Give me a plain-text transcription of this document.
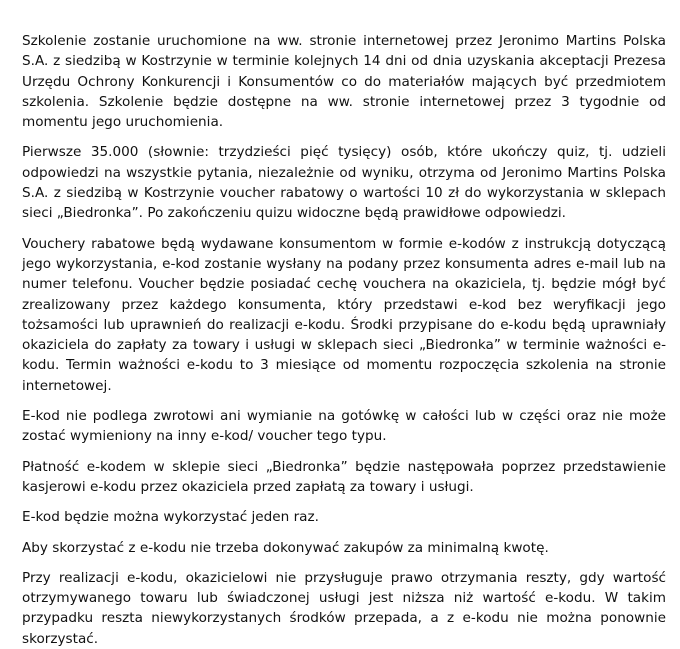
Szkolenie zostanie uruchomione na ww. stronie internetowej przez Jeronimo Martins Polska S.A. z siedzibą w Kostrzynie w terminie kolejnych 14 dni od dnia uzyskania akceptacji Prezesa Urzędu Ochrony Konkurencji i Konsumentów co do materiałów mających być przedmiotem szkolenia. Szkolenie będzie dostępne na ww. stronie internetowej przez 3 tygodnie od momentu jego uruchomienia.

Pierwsze 35.000 (słownie: trzydzieści pięć tysięcy) osób, które ukończy quiz, tj. udzieli odpowiedzi na wszystkie pytania, niezależnie od wyniku, otrzyma od Jeronimo Martins Polska S.A. z siedzibą w Kostrzynie voucher rabatowy o wartości 10 zł do wykorzystania w sklepach sieci „Biedronka”. Po zakończeniu quizu widoczne będą prawidłowe odpowiedzi.

Vouchery rabatowe będą wydawane konsumentom w formie e-kodów z instrukcją dotyczącą jego wykorzystania, e-kod zostanie wysłany na podany przez konsumenta adres e-mail lub na numer telefonu. Voucher będzie posiadać cechę vouchera na okaziciela, tj. będzie mógł być zrealizowany przez każdego konsumenta, który przedstawi e-kod bez weryfikacji jego tożsamości lub uprawnień do realizacji e-kodu. Środki przypisane do e-kodu będą uprawniały okaziciela do zapłaty za towary i usługi w sklepach sieci „Biedronka” w terminie ważności e-kodu. Termin ważności e-kodu to 3 miesiące od momentu rozpoczęcia szkolenia na stronie internetowej.

E-kod nie podlega zwrotowi ani wymianie na gotówkę w całości lub w części oraz nie może zostać wymieniony na inny e-kod/ voucher tego typu.

Płatność e-kodem w sklepie sieci „Biedronka” będzie następowała poprzez przedstawienie kasjerowi e-kodu przez okaziciela przed zapłatą za towary i usługi.

E-kod będzie można wykorzystać jeden raz.

Aby skorzystać z e-kodu nie trzeba dokonywać zakupów za minimalną kwotę.

Przy realizacji e-kodu, okazicielowi nie przysługuje prawo otrzymania reszty, gdy wartość otrzymywanego towaru lub świadczonej usługi jest niższa niż wartość e-kodu. W takim przypadku reszta niewykorzystanych środków przepada, a z e-kodu nie można ponownie skorzystać.
